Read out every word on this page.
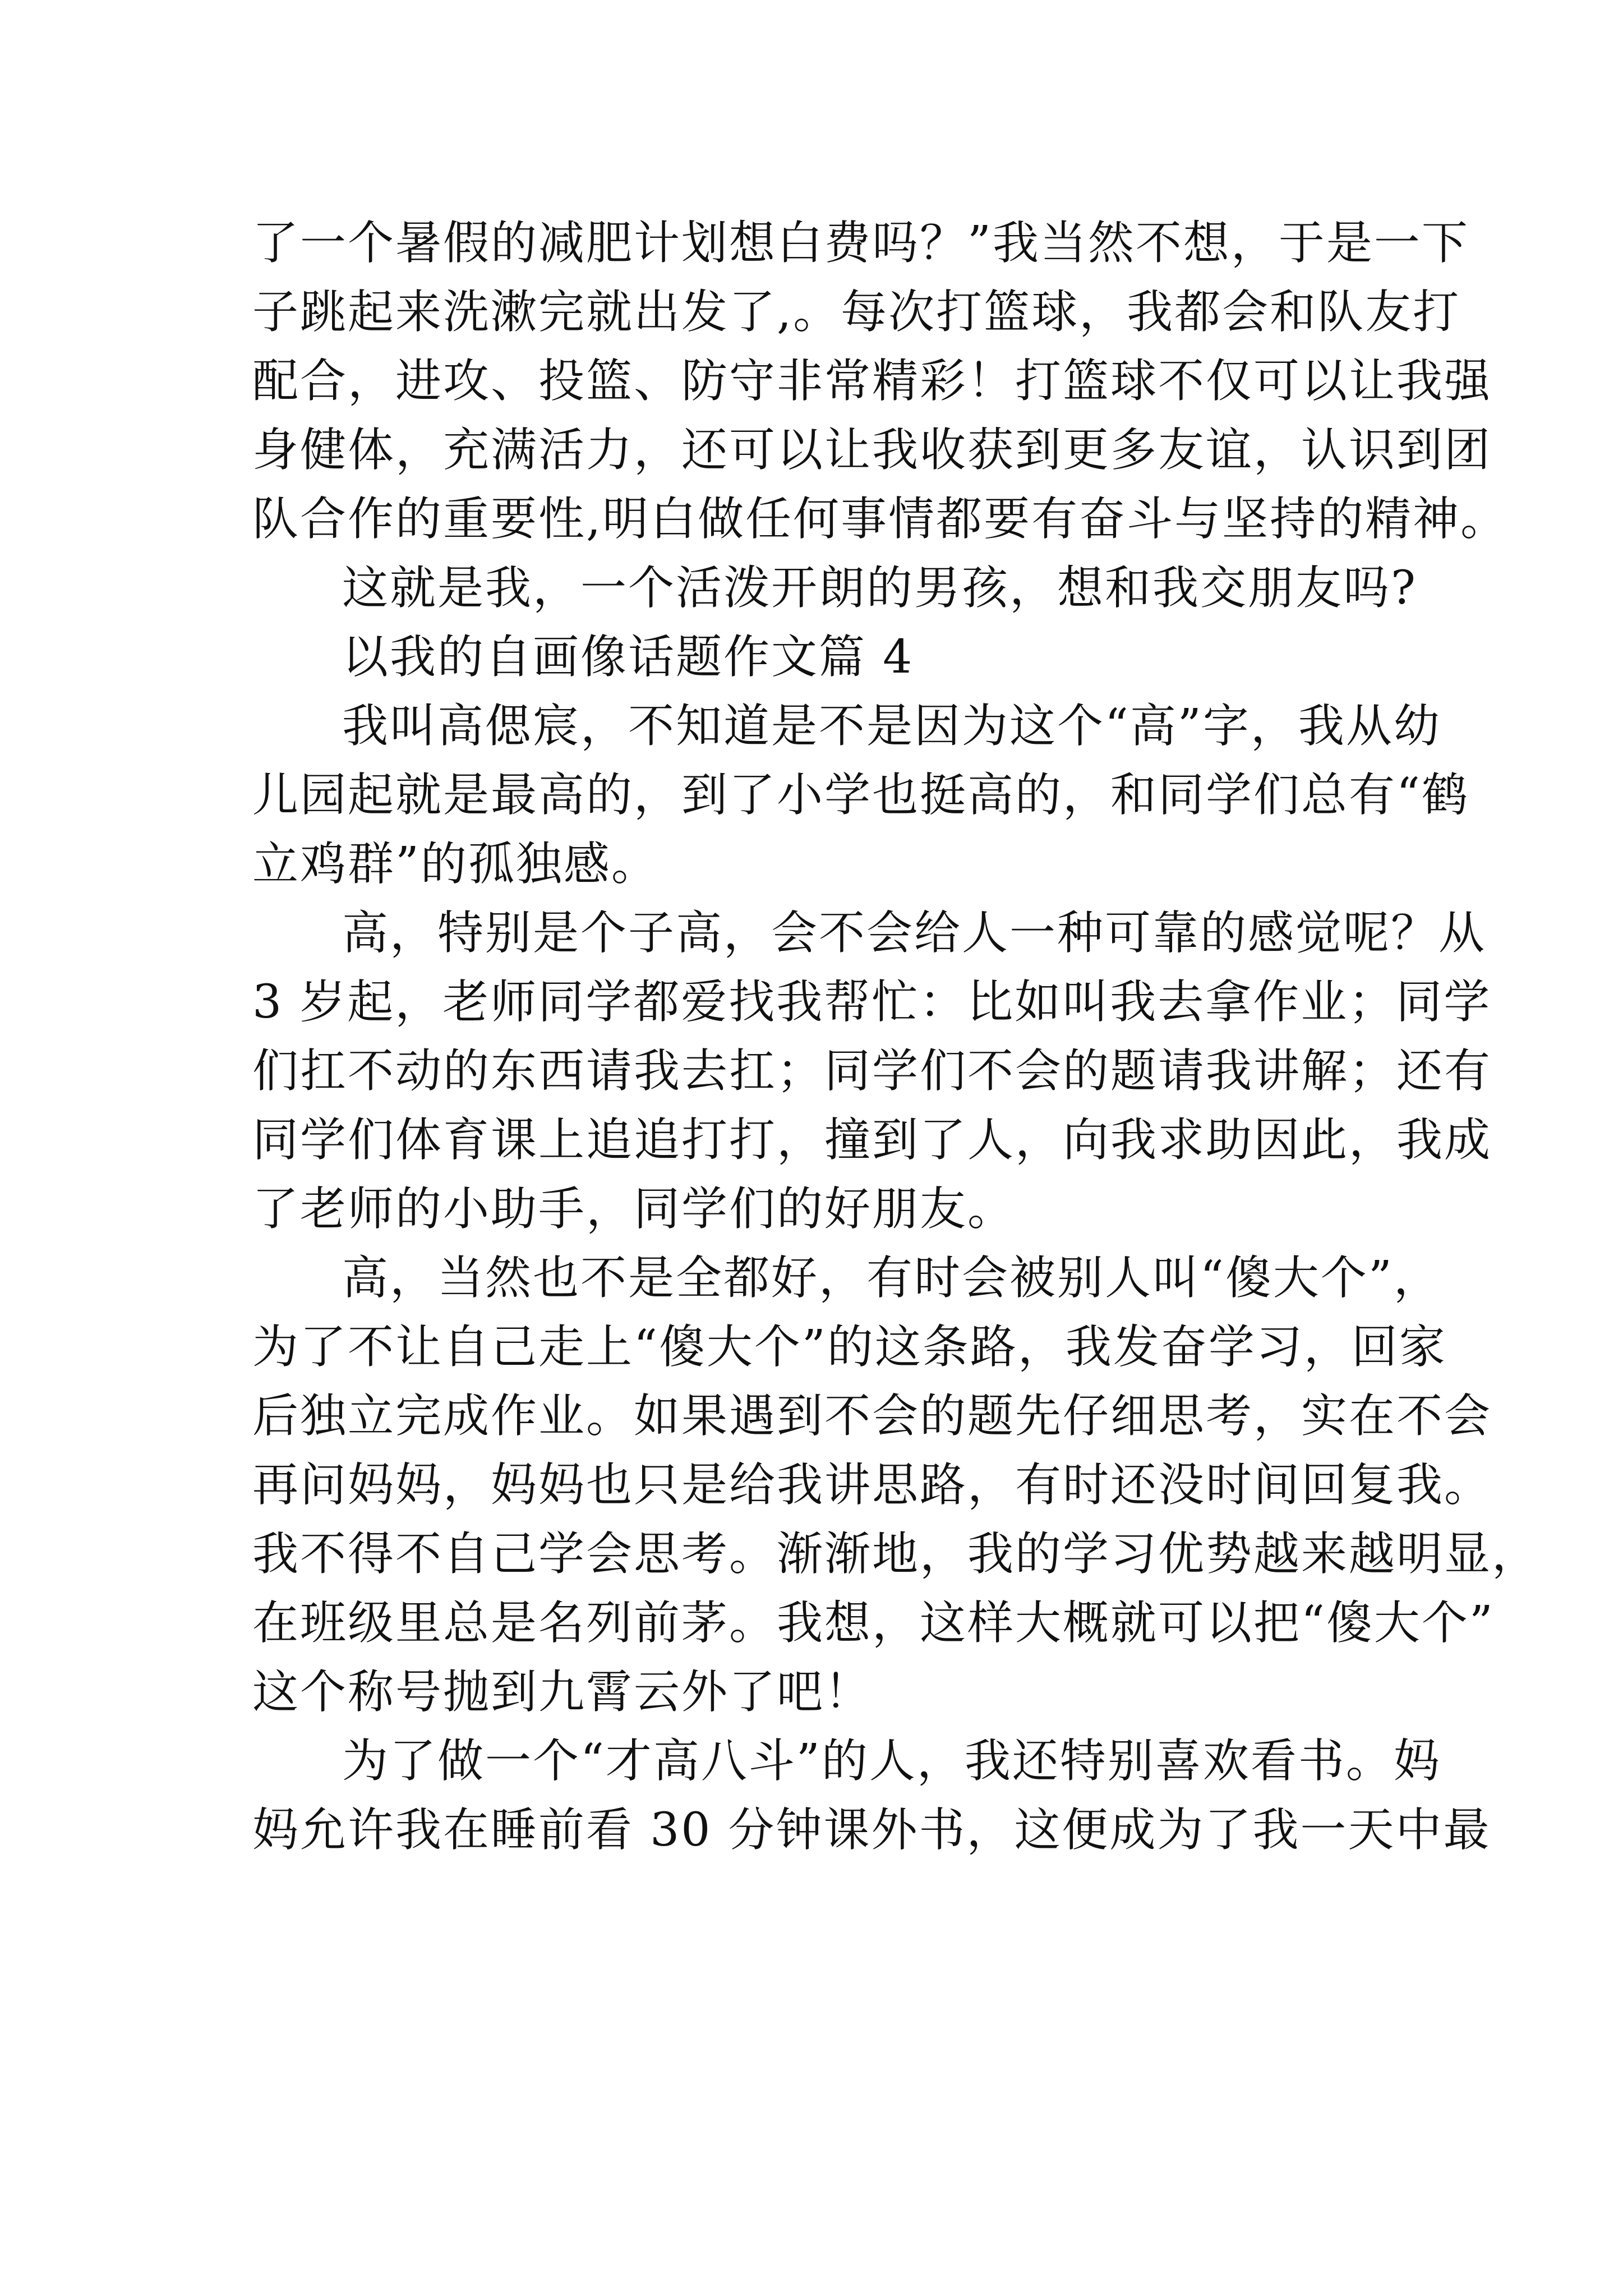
了一个暑假的减肥计划想白费吗？”我当然不想，于是一下
子跳起来洗漱完就出发了,。每次打篮球，我都会和队友打
配合，进攻、投篮、防守非常精彩！打篮球不仅可以让我强
身健体，充满活力，还可以让我收获到更多友谊，认识到团
队合作的重要性,明白做任何事情都要有奋斗与坚持的精神。
这就是我，一个活泼开朗的男孩，想和我交朋友吗?
以我的自画像话题作文篇 4
我叫高偲宸，不知道是不是因为这个“高”字，我从幼
儿园起就是最高的，到了小学也挺高的，和同学们总有“鹤
立鸡群”的孤独感。
高，特别是个子高，会不会给人一种可靠的感觉呢？从
3 岁起，老师同学都爱找我帮忙：比如叫我去拿作业；同学
们扛不动的东西请我去扛；同学们不会的题请我讲解；还有
同学们体育课上追追打打，撞到了人，向我求助因此，我成
了老师的小助手，同学们的好朋友。
高，当然也不是全都好，有时会被别人叫“傻大个”，
为了不让自己走上“傻大个”的这条路，我发奋学习，回家
后独立完成作业。如果遇到不会的题先仔细思考，实在不会
再问妈妈，妈妈也只是给我讲思路，有时还没时间回复我。
我不得不自己学会思考。渐渐地，我的学习优势越来越明显，
在班级里总是名列前茅。我想，这样大概就可以把“傻大个”
这个称号抛到九霄云外了吧！
为了做一个“才高八斗”的人，我还特别喜欢看书。妈
妈允许我在睡前看 30 分钟课外书，这便成为了我一天中最
